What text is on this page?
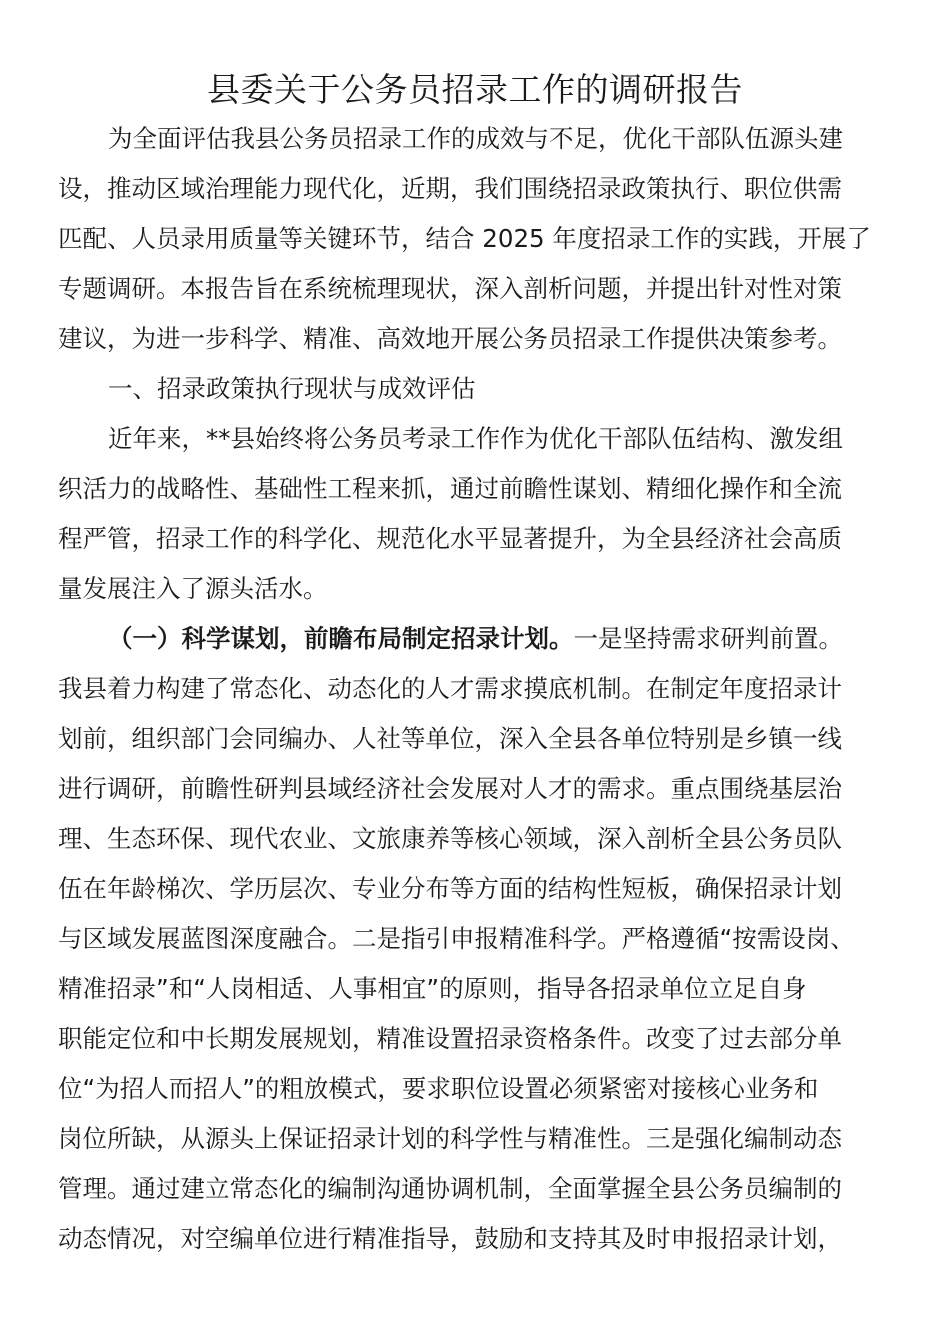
县委关于公务员招录工作的调研报告

为全面评估我县公务员招录工作的成效与不足，优化干部队伍源头建

设，推动区域治理能力现代化，近期，我们围绕招录政策执行、职位供需

匹配、人员录用质量等关键环节，结合 2025 年度招录工作的实践，开展了

专题调研。本报告旨在系统梳理现状，深入剖析问题，并提出针对性对策

建议，为进一步科学、精准、高效地开展公务员招录工作提供决策参考。

一、招录政策执行现状与成效评估

近年来，**县始终将公务员考录工作作为优化干部队伍结构、激发组

织活力的战略性、基础性工程来抓，通过前瞻性谋划、精细化操作和全流

程严管，招录工作的科学化、规范化水平显著提升，为全县经济社会高质

量发展注入了源头活水。

（一）科学谋划，前瞻布局制定招录计划。一是坚持需求研判前置。

我县着力构建了常态化、动态化的人才需求摸底机制。在制定年度招录计

划前，组织部门会同编办、人社等单位，深入全县各单位特别是乡镇一线

进行调研，前瞻性研判县域经济社会发展对人才的需求。重点围绕基层治

理、生态环保、现代农业、文旅康养等核心领域，深入剖析全县公务员队

伍在年龄梯次、学历层次、专业分布等方面的结构性短板，确保招录计划

与区域发展蓝图深度融合。二是指引申报精准科学。严格遵循“按需设岗、

精准招录”和“人岗相适、人事相宜”的原则，指导各招录单位立足自身

职能定位和中长期发展规划，精准设置招录资格条件。改变了过去部分单

位“为招人而招人”的粗放模式，要求职位设置必须紧密对接核心业务和

岗位所缺，从源头上保证招录计划的科学性与精准性。三是强化编制动态

管理。通过建立常态化的编制沟通协调机制，全面掌握全县公务员编制的

动态情况，对空编单位进行精准指导，鼓励和支持其及时申报招录计划，
